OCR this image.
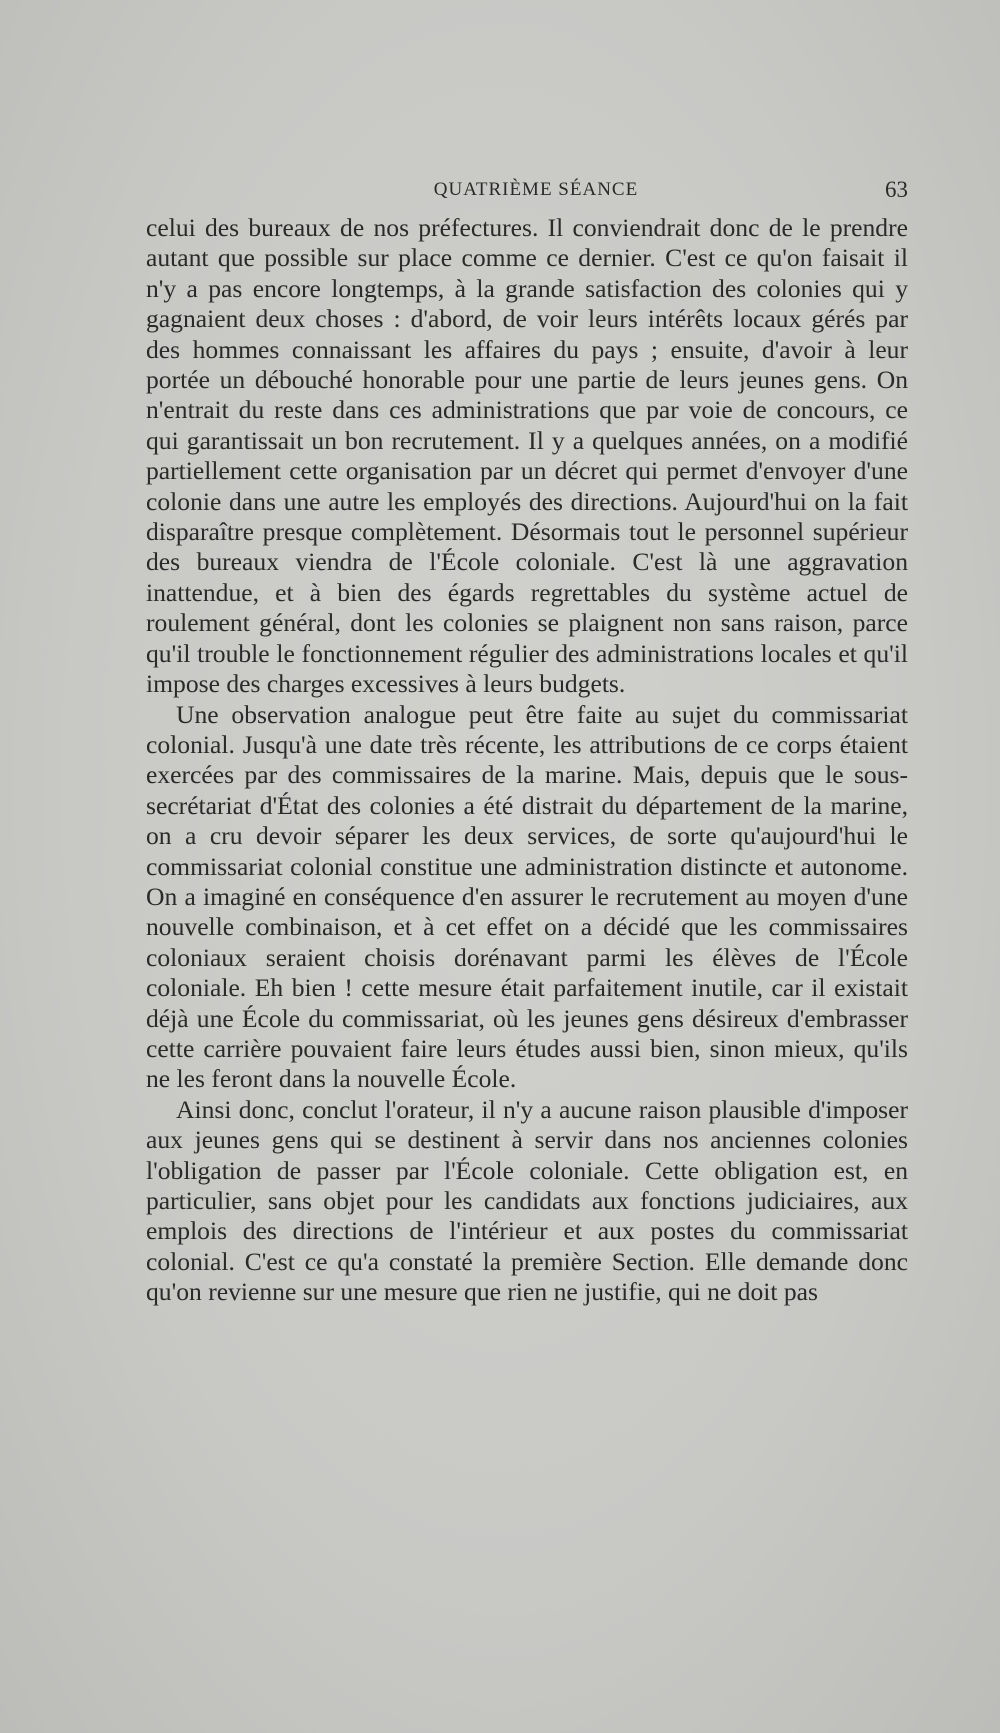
QUATRIÈME SÉANCE	63

celui des bureaux de nos préfectures. Il conviendrait donc de le prendre autant que possible sur place comme ce dernier. C'est ce qu'on faisait il n'y a pas encore longtemps, à la grande satisfaction des colonies qui y gagnaient deux choses : d'abord, de voir leurs intérêts locaux gérés par des hommes connaissant les affaires du pays ; ensuite, d'avoir à leur portée un débouché honorable pour une partie de leurs jeunes gens. On n'entrait du reste dans ces administrations que par voie de concours, ce qui garantissait un bon recrutement. Il y a quelques années, on a modifié partiellement cette organisation par un décret qui permet d'envoyer d'une colonie dans une autre les employés des directions. Aujourd'hui on la fait disparaître presque complètement. Désormais tout le personnel supérieur des bureaux viendra de l'École coloniale. C'est là une aggravation inattendue, et à bien des égards regrettables du système actuel de roulement général, dont les colonies se plaignent non sans raison, parce qu'il trouble le fonctionnement régulier des administrations locales et qu'il impose des charges excessives à leurs budgets.

Une observation analogue peut être faite au sujet du commissariat colonial. Jusqu'à une date très récente, les attributions de ce corps étaient exercées par des commissaires de la marine. Mais, depuis que le sous-secrétariat d'État des colonies a été distrait du département de la marine, on a cru devoir séparer les deux services, de sorte qu'aujourd'hui le commissariat colonial constitue une administration distincte et autonome. On a imaginé en conséquence d'en assurer le recrutement au moyen d'une nouvelle combinaison, et à cet effet on a décidé que les commissaires coloniaux seraient choisis dorénavant parmi les élèves de l'École coloniale. Eh bien ! cette mesure était parfaitement inutile, car il existait déjà une École du commissariat, où les jeunes gens désireux d'embrasser cette carrière pouvaient faire leurs études aussi bien, sinon mieux, qu'ils ne les feront dans la nouvelle École.

Ainsi donc, conclut l'orateur, il n'y a aucune raison plausible d'imposer aux jeunes gens qui se destinent à servir dans nos anciennes colonies l'obligation de passer par l'École coloniale. Cette obligation est, en particulier, sans objet pour les candidats aux fonctions judiciaires, aux emplois des directions de l'intérieur et aux postes du commissariat colonial. C'est ce qu'a constaté la première Section. Elle demande donc qu'on revienne sur une mesure que rien ne justifie, qui ne doit pas
